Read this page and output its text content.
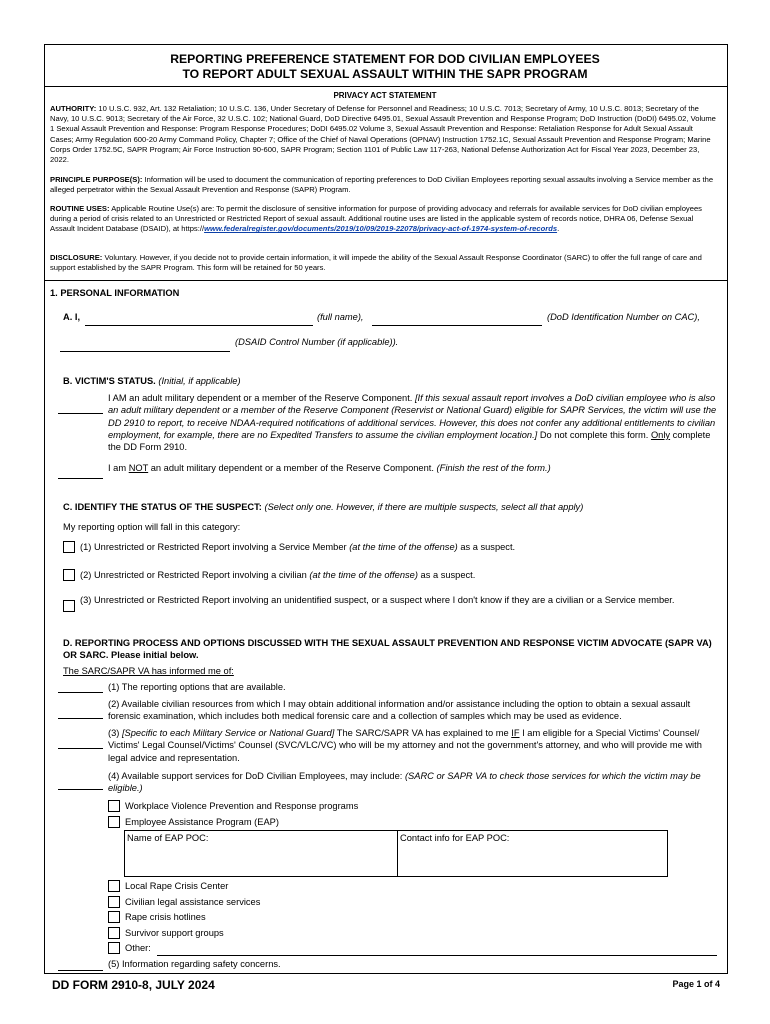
REPORTING PREFERENCE STATEMENT FOR DOD CIVILIAN EMPLOYEES
TO REPORT ADULT SEXUAL ASSAULT WITHIN THE SAPR PROGRAM
PRIVACY ACT STATEMENT
AUTHORITY: 10 U.S.C. 932, Art. 132 Retaliation; 10 U.S.C. 136, Under Secretary of Defense for Personnel and Readiness; 10 U.S.C. 7013; Secretary of Army, 10 U.S.C. 8013; Secretary of the Navy, 10 U.S.C. 9013; Secretary of the Air Force, 32 U.S.C. 102; National Guard, DoD Directive 6495.01, Sexual Assault Prevention and Response Program; DoD Instruction (DoDI) 6495.02, Volume 1 Sexual Assault Prevention and Response: Program Response Procedures; DoDI 6495.02 Volume 3, Sexual Assault Prevention and Response: Retaliation Response for Adult Sexual Assault Cases; Army Regulation 600-20 Army Command Policy, Chapter 7; Office of the Chief of Naval Operations (OPNAV) Instruction 1752.1C, Sexual Assault Prevention and Response Program; Marine Corps Order 1752.5C, SAPR Program; Air Force Instruction 90-600, SAPR Program; Section 1101 of Public Law 117-263, National Defense Authorization Act for Fiscal Year 2023, December 23, 2022.
PRINCIPLE PURPOSE(S): Information will be used to document the communication of reporting preferences to DoD Civilian Employees reporting sexual assaults involving a Service member as the alleged perpetrator within the Sexual Assault Prevention and Response (SAPR) Program.
ROUTINE USES: Applicable Routine Use(s) are: To permit the disclosure of sensitive information for purpose of providing advocacy and referrals for available services for DoD civilian employees during a period of crisis related to an Unrestricted or Restricted Report of sexual assault. Additional routine uses are listed in the applicable system of records notice, DHRA 06, Defense Sexual Assault Incident Database (DSAID), at https://www.federalregister.gov/documents/2019/10/09/2019-22078/privacy-act-of-1974-system-of-records.
DISCLOSURE: Voluntary. However, if you decide not to provide certain information, it will impede the ability of the Sexual Assault Response Coordinator (SARC) to offer the full range of care and support established by the SAPR Program. This form will be retained for 50 years.
1. PERSONAL INFORMATION
A. I,	(full name),	(DoD Identification Number on CAC),
(DSAID Control Number (if applicable)).
B. VICTIM'S STATUS. (Initial, if applicable)
I AM an adult military dependent or a member of the Reserve Component. [If this sexual assault report involves a DoD civilian employee who is also an adult military dependent or a member of the Reserve Component (Reservist or National Guard) eligible for SAPR Services, the victim will use the DD 2910 to report, to receive NDAA-required notifications of additional services. However, this does not confer any additional entitlements to civilian employment, for example, there are no Expedited Transfers to assume the civilian employment location.] Do not complete this form. Only complete the DD Form 2910.
I am NOT an adult military dependent or a member of the Reserve Component. (Finish the rest of the form.)
C. IDENTIFY THE STATUS OF THE SUSPECT: (Select only one. However, if there are multiple suspects, select all that apply)
My reporting option will fall in this category:
(1) Unrestricted or Restricted Report involving a Service Member (at the time of the offense) as a suspect.
(2) Unrestricted or Restricted Report involving a civilian (at the time of the offense) as a suspect.
(3) Unrestricted or Restricted Report involving an unidentified suspect, or a suspect where I don't know if they are a civilian or a Service member.
D. REPORTING PROCESS AND OPTIONS DISCUSSED WITH THE SEXUAL ASSAULT PREVENTION AND RESPONSE VICTIM ADVOCATE (SAPR VA) OR SARC. Please initial below.
The SARC/SAPR VA has informed me of:
(1) The reporting options that are available.
(2) Available civilian resources from which I may obtain additional information and/or assistance including the option to obtain a sexual assault forensic examination, which includes both medical forensic care and a collection of samples which may be used as evidence.
(3) [Specific to each Military Service or National Guard] The SARC/SAPR VA has explained to me IF I am eligible for a Special Victims' Counsel/ Victims' Legal Counsel/Victims' Counsel (SVC/VLC/VC) who will be my attorney and not the government's attorney, and who will provide me with legal advice and representation.
(4) Available support services for DoD Civilian Employees, may include: (SARC or SAPR VA to check those services for which the victim may be eligible.)
Workplace Violence Prevention and Response programs
Employee Assistance Program (EAP)
Name of EAP POC:	Contact info for EAP POC:
Local Rape Crisis Center
Civilian legal assistance services
Rape crisis hotlines
Survivor support groups
Other:
(5) Information regarding safety concerns.
DD FORM 2910-8, JULY 2024	Page 1 of 4
